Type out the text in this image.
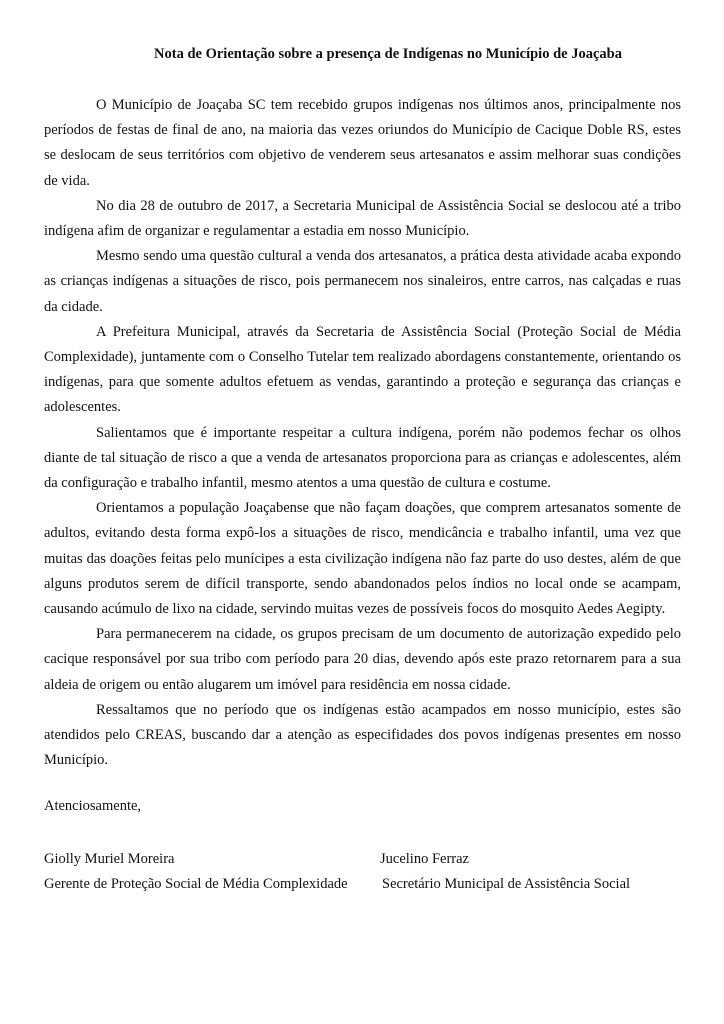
Nota de Orientação sobre a presença de Indígenas no Município de Joaçaba

O Município de Joaçaba SC tem recebido grupos indígenas nos últimos anos, principalmente nos períodos de festas de final de ano, na maioria das vezes oriundos do Município de Cacique Doble RS, estes se deslocam de seus territórios com objetivo de venderem seus artesanatos e assim melhorar suas condições de vida.

No dia 28 de outubro de 2017, a Secretaria Municipal de Assistência Social se deslocou até a tribo indígena afim de organizar e regulamentar a estadia em nosso Município.

Mesmo sendo uma questão cultural a venda dos artesanatos, a prática desta atividade acaba expondo as crianças indígenas a situações de risco, pois permanecem nos sinaleiros, entre carros, nas calçadas e ruas da cidade.

A Prefeitura Municipal, através da Secretaria de Assistência Social (Proteção Social de Média Complexidade), juntamente com o Conselho Tutelar tem realizado abordagens constantemente, orientando os indígenas, para que somente adultos efetuem as vendas, garantindo a proteção e segurança das crianças e adolescentes.

Salientamos que é importante respeitar a cultura indígena, porém não podemos fechar os olhos diante de tal situação de risco a que a venda de artesanatos proporciona para as crianças e adolescentes, além da configuração e trabalho infantil, mesmo atentos a uma questão de cultura e costume.

Orientamos a população Joaçabense que não façam doações, que comprem artesanatos somente de adultos, evitando desta forma expô-los a situações de risco, mendicância e trabalho infantil, uma vez que muitas das doações feitas pelo munícipes a esta civilização indígena não faz parte do uso destes, além de que alguns produtos serem de difícil transporte, sendo abandonados pelos índios no local onde se acampam, causando acúmulo de lixo na cidade, servindo muitas vezes de possíveis focos do mosquito Aedes Aegipty.

Para permanecerem na cidade, os grupos precisam de um documento de autorização expedido pelo cacique responsável por sua tribo com período para 20 dias, devendo após este prazo retornarem para a sua aldeia de origem ou então alugarem um imóvel para residência em nossa cidade.

Ressaltamos que no período que os indígenas estão acampados em nosso município, estes são atendidos pelo CREAS, buscando dar a atenção as especifidades dos povos indígenas presentes em nosso Município.

Atenciosamente,
Giolly Muriel Moreira
Gerente de Proteção Social de Média Complexidade
Jucelino Ferraz
Secretário Municipal de Assistência Social
